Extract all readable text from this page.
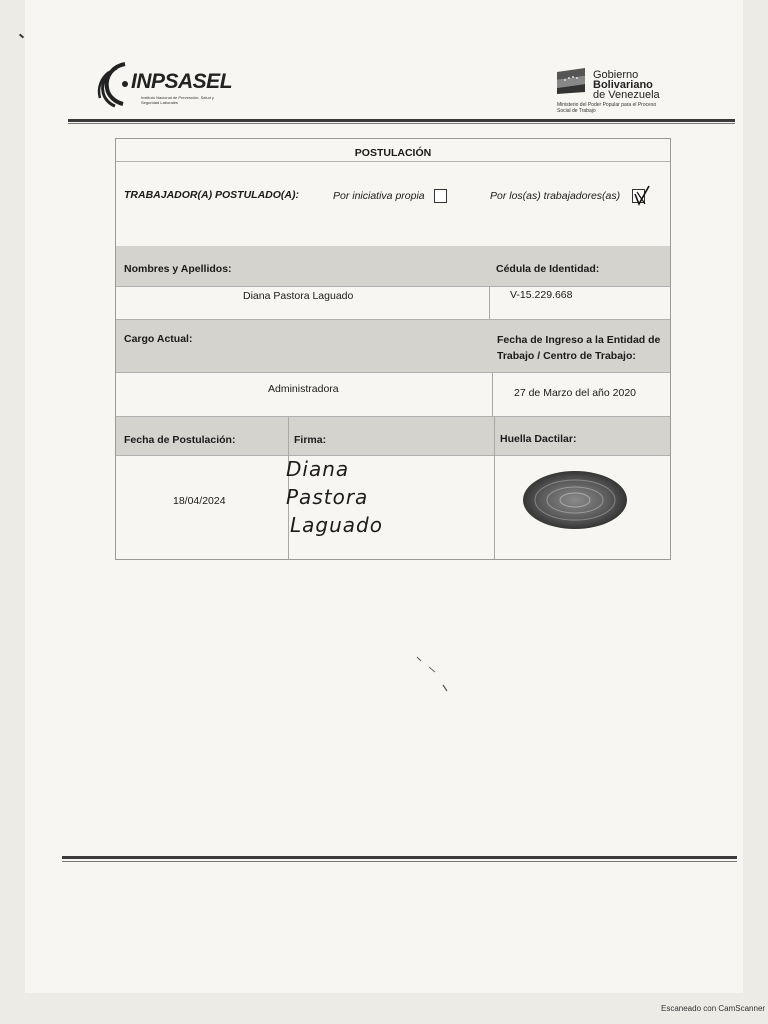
INPSASEL
Instituto Nacional de Prevención, Salud y Seguridad Laborales
Gobierno
Bolivariano
de Venezuela
Ministerio del Poder Popular para el Proceso Social de Trabajo
POSTULACIÓN
TRABAJADOR(A) POSTULADO(A):	Por iniciativa propia	Por los(as) trabajadores(as)
Nombres y Apellidos:	Cédula de Identidad:
Diana Pastora Laguado	V-15.229.668
Cargo Actual:	Fecha de Ingreso a la Entidad de Trabajo / Centro de Trabajo:
Administradora	27 de Marzo del año 2020
Fecha de Postulación:	Firma:	Huella Dactilar:
18/04/2024
Diana
Pastora
Laguado
Escaneado con CamScanner
